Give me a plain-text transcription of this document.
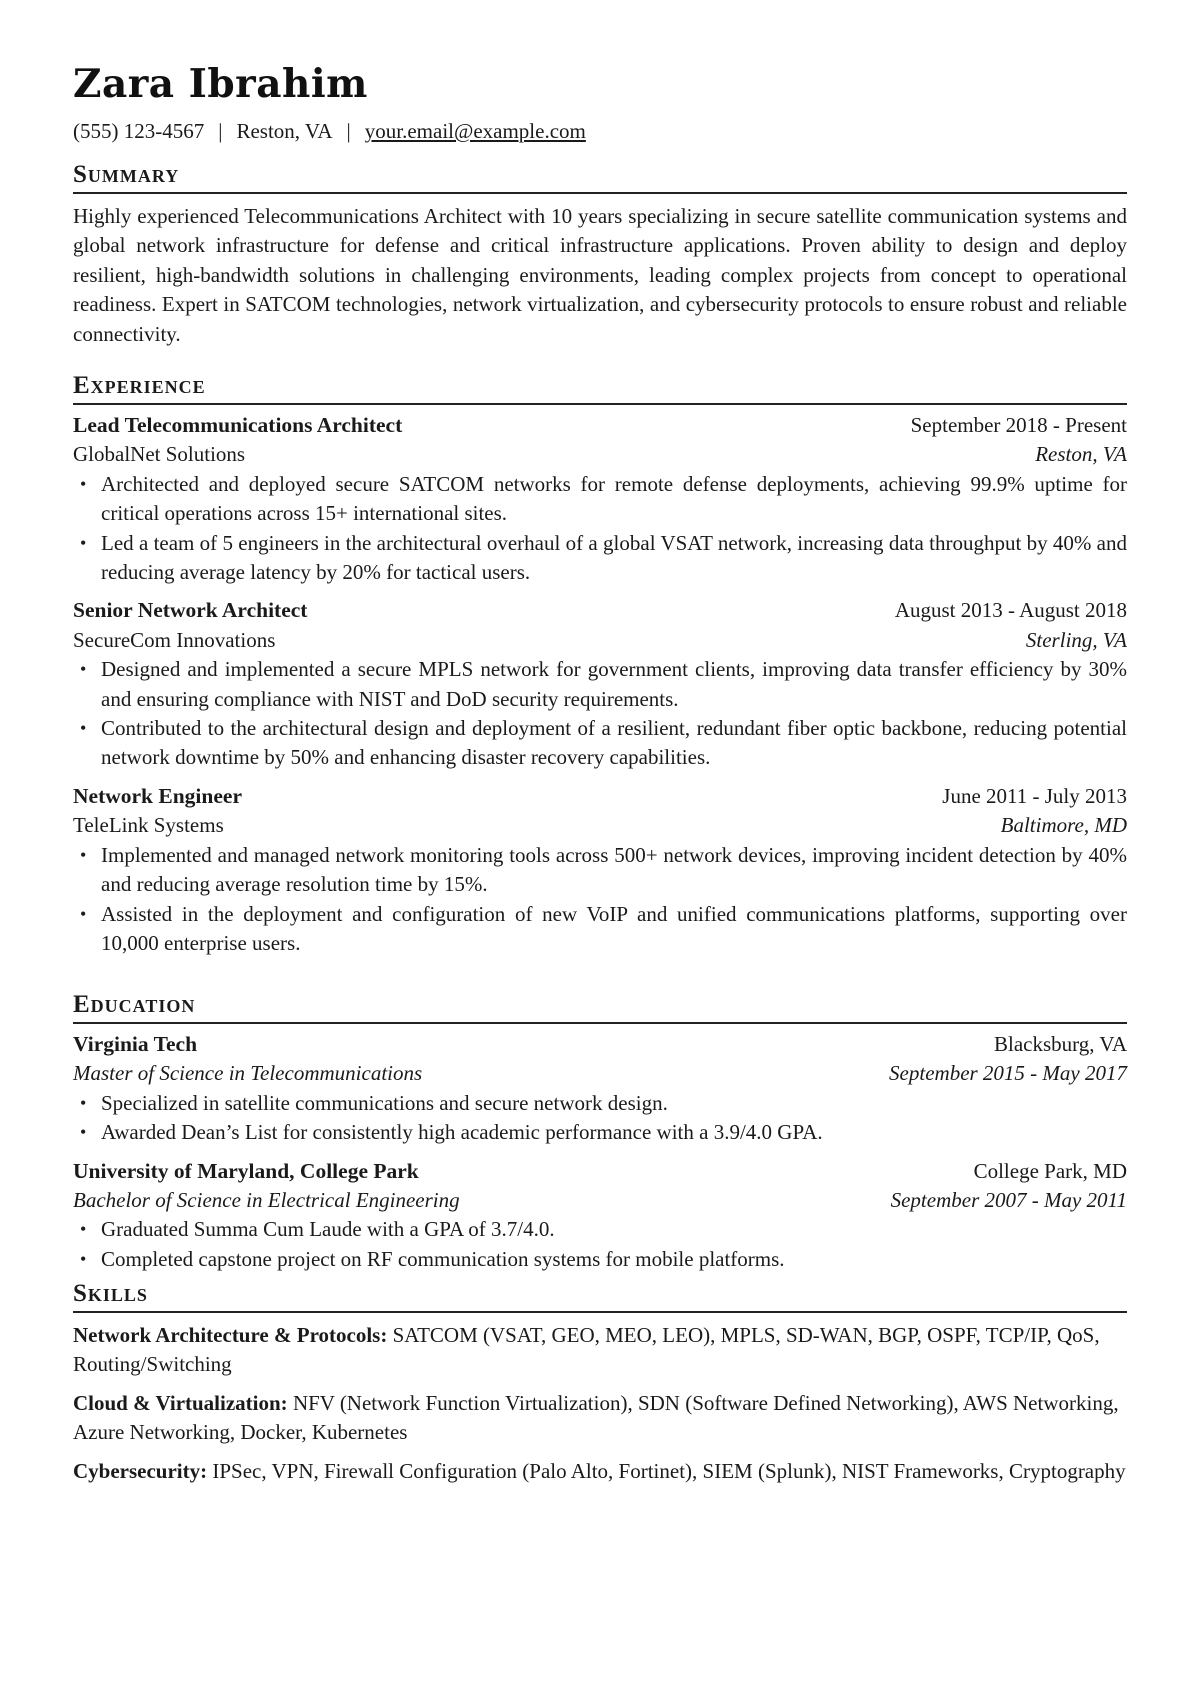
Zara Ibrahim
(555) 123-4567 | Reston, VA | your.email@example.com
Summary

Highly experienced Telecommunications Architect with 10 years specializing in secure satellite communication systems and global network infrastructure for defense and critical infrastructure applications. Proven ability to design and deploy resilient, high-bandwidth solutions in challenging environments, leading complex projects from concept to operational readiness. Expert in SATCOM technologies, network virtualization, and cybersecurity protocols to ensure robust and reliable connectivity.

Experience
Lead Telecommunications Architect	September 2018 - Present
GlobalNet Solutions	Reston, VA
• Architected and deployed secure SATCOM networks for remote defense deployments, achieving 99.9% uptime for critical operations across 15+ international sites.
• Led a team of 5 engineers in the architectural overhaul of a global VSAT network, increasing data throughput by 40% and reducing average latency by 20% for tactical users.
Senior Network Architect	August 2013 - August 2018
SecureCom Innovations	Sterling, VA
• Designed and implemented a secure MPLS network for government clients, improving data transfer efficiency by 30% and ensuring compliance with NIST and DoD security requirements.
• Contributed to the architectural design and deployment of a resilient, redundant fiber optic backbone, reducing potential network downtime by 50% and enhancing disaster recovery capabilities.
Network Engineer	June 2011 - July 2013
TeleLink Systems	Baltimore, MD
• Implemented and managed network monitoring tools across 500+ network devices, improving incident detection by 40% and reducing average resolution time by 15%.
• Assisted in the deployment and configuration of new VoIP and unified communications platforms, supporting over 10,000 enterprise users.
Education
Virginia Tech	Blacksburg, VA
Master of Science in Telecommunications	September 2015 - May 2017
• Specialized in satellite communications and secure network design.
• Awarded Dean’s List for consistently high academic performance with a 3.9/4.0 GPA.
University of Maryland, College Park	College Park, MD
Bachelor of Science in Electrical Engineering	September 2007 - May 2011
• Graduated Summa Cum Laude with a GPA of 3.7/4.0.
• Completed capstone project on RF communication systems for mobile platforms.
Skills

Network Architecture & Protocols: SATCOM (VSAT, GEO, MEO, LEO), MPLS, SD-WAN, BGP, OSPF, TCP/IP, QoS, Routing/Switching

Cloud & Virtualization: NFV (Network Function Virtualization), SDN (Software Defined Networking), AWS Networking, Azure Networking, Docker, Kubernetes

Cybersecurity: IPSec, VPN, Firewall Configuration (Palo Alto, Fortinet), SIEM (Splunk), NIST Frameworks, Cryptography
